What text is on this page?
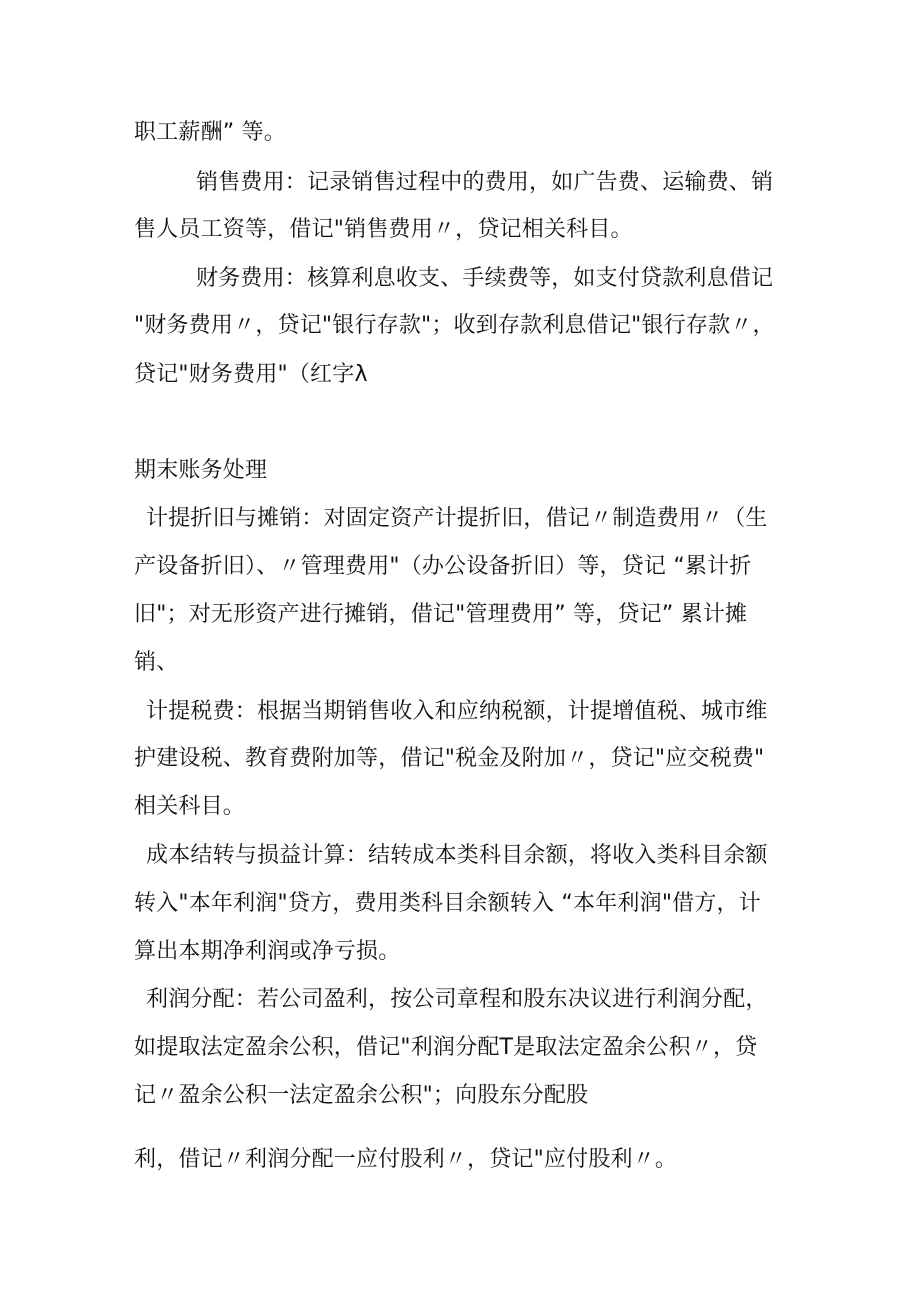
职工薪酬” 等。
销售费用：记录销售过程中的费用，如广告费、运输费、销
售人员工资等，借记"销售费用〃，贷记相关科目。
财务费用：核算利息收支、手续费等，如支付贷款利息借记
"财务费用〃，贷记"银行存款"；收到存款利息借记"银行存款〃，
贷记"财务费用"（红字λ
期末账务处理
计提折旧与摊销：对固定资产计提折旧，借记〃制造费用〃（生
产设备折旧）、〃管理费用"（办公设备折旧）等，贷记 “累计折
旧"；对无形资产进行摊销，借记"管理费用” 等，贷记” 累计摊
销、
计提税费：根据当期销售收入和应纳税额，计提增值税、城市维
护建设税、教育费附加等，借记"税金及附加〃，贷记"应交税费"
相关科目。
成本结转与损益计算：结转成本类科目余额，将收入类科目余额
转入"本年利润"贷方，费用类科目余额转入 “本年利润"借方，计
算出本期净利润或净亏损。
利润分配：若公司盈利，按公司章程和股东决议进行利润分配，
如提取法定盈余公积，借记"利润分配T是取法定盈余公积〃，贷
记〃盈余公积一法定盈余公积"；向股东分配股
利，借记〃利润分配一应付股利〃，贷记"应付股利〃。
